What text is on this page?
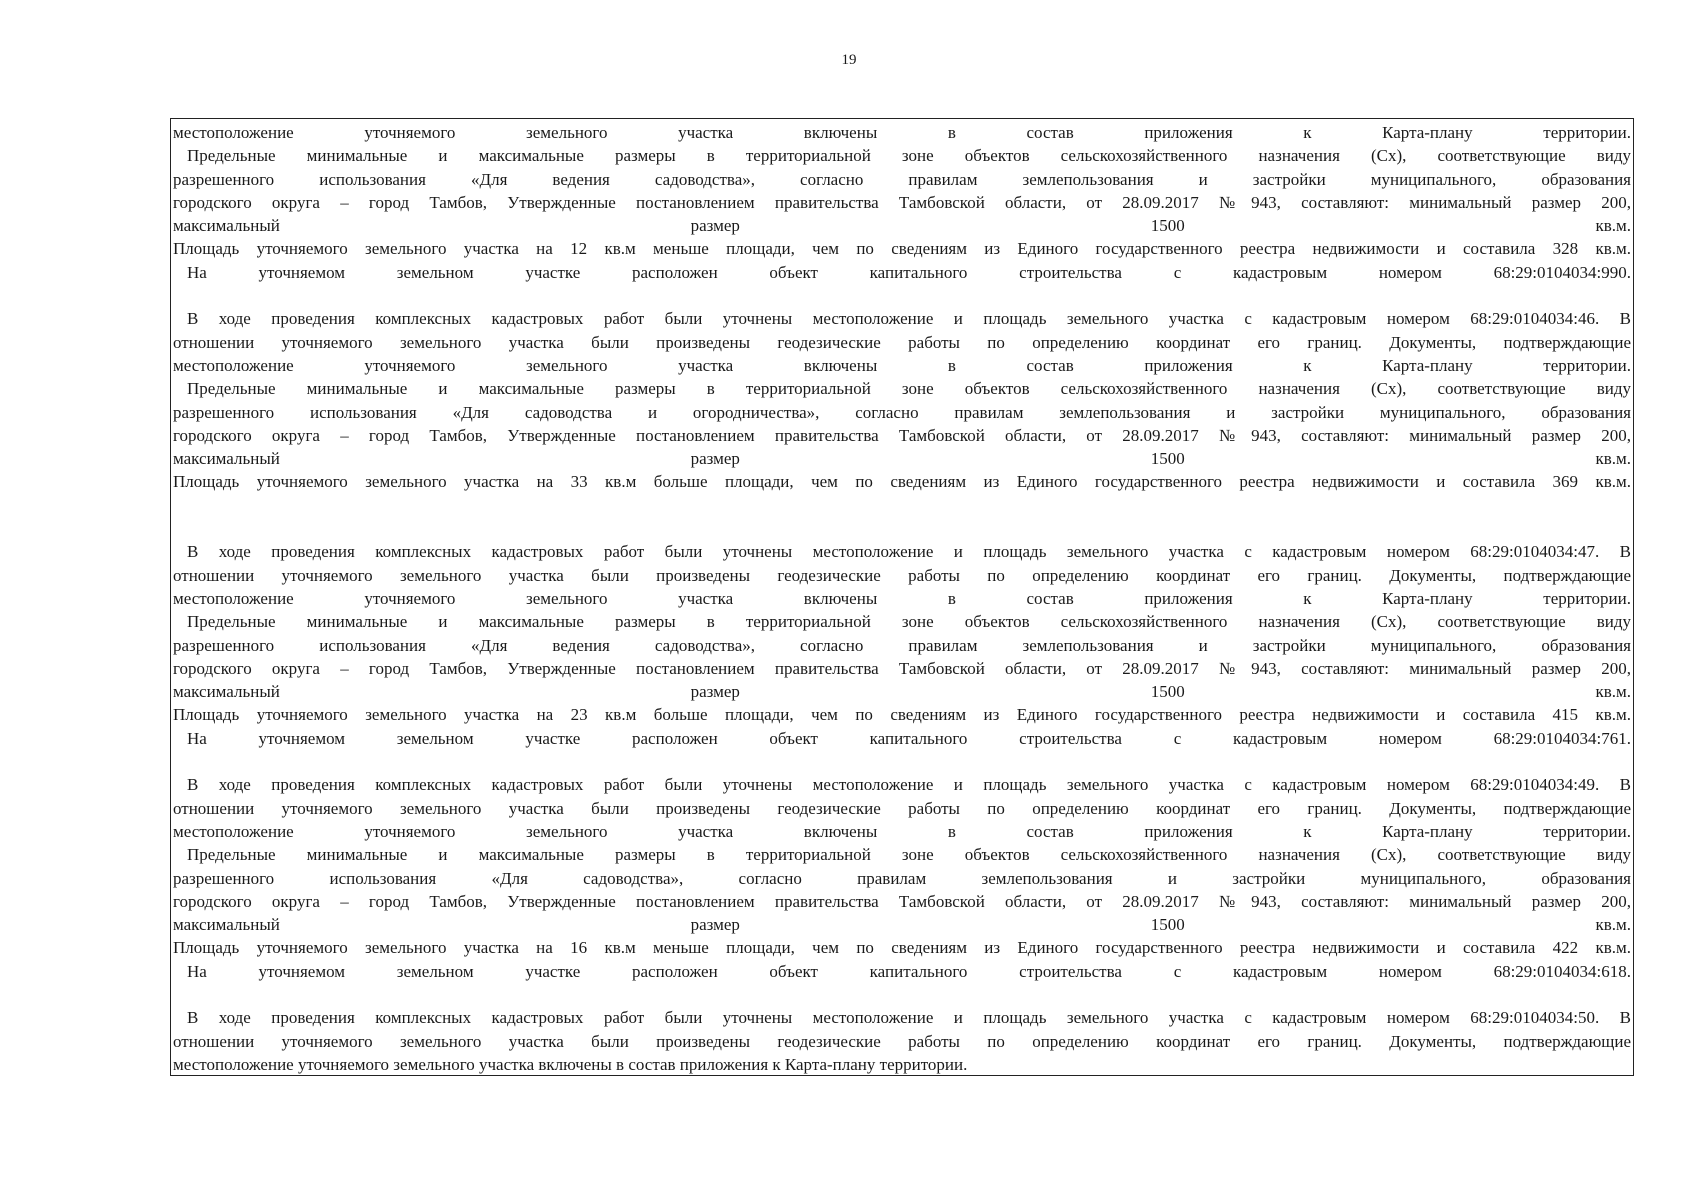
19
местоположение уточняемого земельного участка включены в состав приложения к Карта-плану территории.
Предельные минимальные и максимальные размеры в территориальной зоне объектов сельскохозяйственного назначения (Сх), соответствующие виду
разрешенного использования «Для ведения садоводства», согласно правилам землепользования и застройки муниципального, образования
городского округа – город Тамбов, Утвержденные постановлением правительства Тамбовской области, от 28.09.2017 №943, составляют: минимальный размер 200,
максимальный размер 1500 кв.м.
Площадь уточняемого земельного участка на 12 кв.м меньше площади, чем по сведениям из Единого государственного реестра недвижимости и составила 328 кв.м.
На уточняемом земельном участке расположен объект капитального строительства с кадастровым номером 68:29:0104034:990.
В ходе проведения комплексных кадастровых работ были уточнены местоположение и площадь земельного участка с кадастровым номером 68:29:0104034:46. В
отношении уточняемого земельного участка были произведены геодезические работы по определению координат его границ. Документы, подтверждающие
местоположение уточняемого земельного участка включены в состав приложения к Карта-плану территории.
Предельные минимальные и максимальные размеры в территориальной зоне объектов сельскохозяйственного назначения (Сх), соответствующие виду
разрешенного использования «Для садоводства и огородничества», согласно правилам землепользования и застройки муниципального, образования
городского округа – город Тамбов, Утвержденные постановлением правительства Тамбовской области, от 28.09.2017 №943, составляют: минимальный размер 200,
максимальный размер 1500 кв.м.
Площадь уточняемого земельного участка на 33 кв.м больше площади, чем по сведениям из Единого государственного реестра недвижимости и составила 369 кв.м.
В ходе проведения комплексных кадастровых работ были уточнены местоположение и площадь земельного участка с кадастровым номером 68:29:0104034:47. В
отношении уточняемого земельного участка были произведены геодезические работы по определению координат его границ. Документы, подтверждающие
местоположение уточняемого земельного участка включены в состав приложения к Карта-плану территории.
Предельные минимальные и максимальные размеры в территориальной зоне объектов сельскохозяйственного назначения (Сх), соответствующие виду
разрешенного использования «Для ведения садоводства», согласно правилам землепользования и застройки муниципального, образования
городского округа – город Тамбов, Утвержденные постановлением правительства Тамбовской области, от 28.09.2017 №943, составляют: минимальный размер 200,
максимальный размер 1500 кв.м.
Площадь уточняемого земельного участка на 23 кв.м больше площади, чем по сведениям из Единого государственного реестра недвижимости и составила 415 кв.м.
На уточняемом земельном участке расположен объект капитального строительства с кадастровым номером 68:29:0104034:761.
В ходе проведения комплексных кадастровых работ были уточнены местоположение и площадь земельного участка с кадастровым номером 68:29:0104034:49. В
отношении уточняемого земельного участка были произведены геодезические работы по определению координат его границ. Документы, подтверждающие
местоположение уточняемого земельного участка включены в состав приложения к Карта-плану территории.
Предельные минимальные и максимальные размеры в территориальной зоне объектов сельскохозяйственного назначения (Сх), соответствующие виду
разрешенного использования «Для садоводства», согласно правилам землепользования и застройки муниципального, образования
городского округа – город Тамбов, Утвержденные постановлением правительства Тамбовской области, от 28.09.2017 №943, составляют: минимальный размер 200,
максимальный размер 1500 кв.м.
Площадь уточняемого земельного участка на 16 кв.м меньше площади, чем по сведениям из Единого государственного реестра недвижимости и составила 422 кв.м.
На уточняемом земельном участке расположен объект капитального строительства с кадастровым номером 68:29:0104034:618.
В ходе проведения комплексных кадастровых работ были уточнены местоположение и площадь земельного участка с кадастровым номером 68:29:0104034:50. В
отношении уточняемого земельного участка были произведены геодезические работы по определению координат его границ. Документы, подтверждающие
местоположение уточняемого земельного участка включены в состав приложения к Карта-плану территории.
